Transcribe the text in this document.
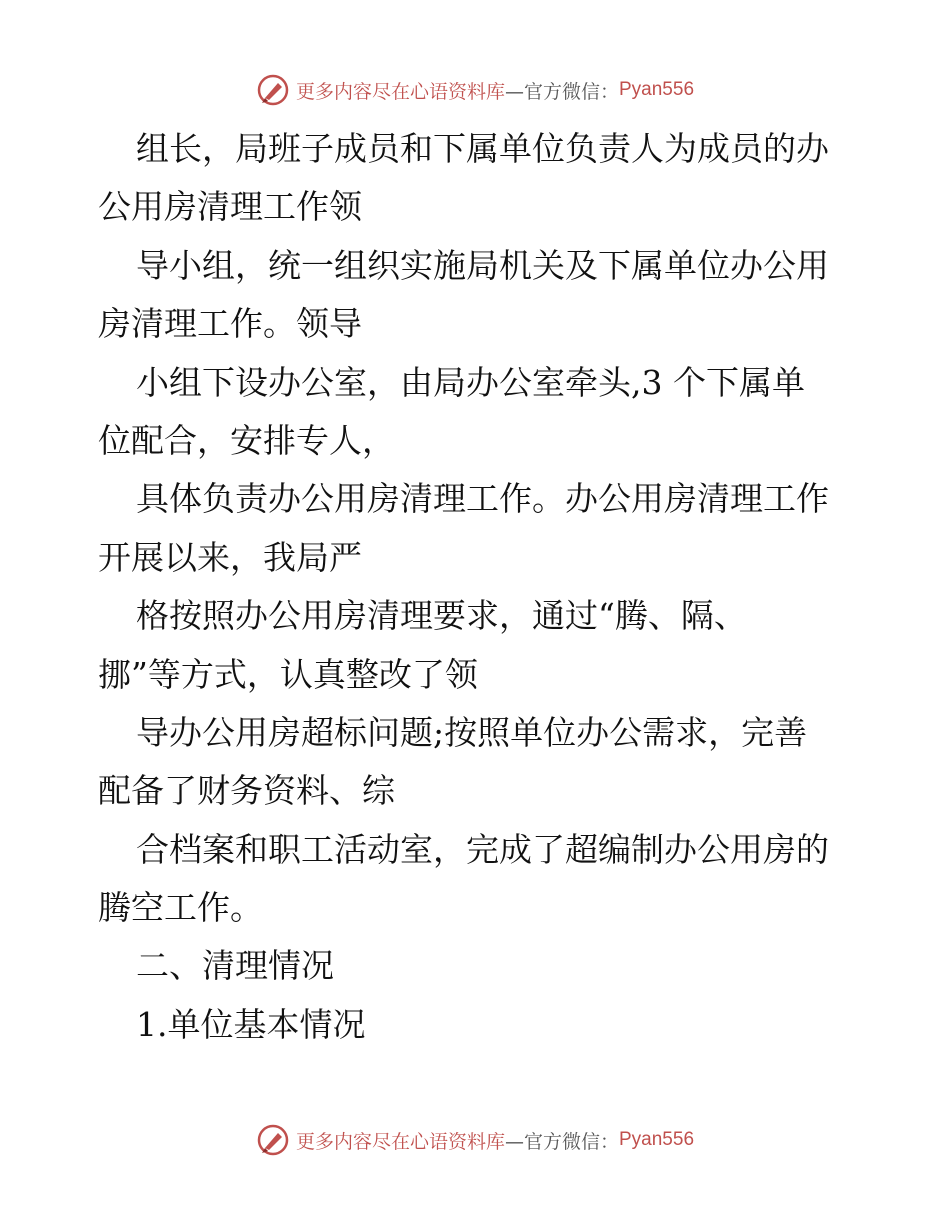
更多内容尽在心语资料库 —官方微信： Pyan556
组长，局班子成员和下属单位负责人为成员的办
公用房清理工作领
导小组，统一组织实施局机关及下属单位办公用
房清理工作。领导
小组下设办公室，由局办公室牵头,3 个下属单
位配合，安排专人，
具体负责办公用房清理工作。办公用房清理工作
开展以来，我局严
格按照办公用房清理要求，通过“腾、隔、
挪”等方式，认真整改了领
导办公用房超标问题;按照单位办公需求，完善
配备了财务资料、综
合档案和职工活动室，完成了超编制办公用房的
腾空工作。
二、清理情况
1.单位基本情况
更多内容尽在心语资料库 —官方微信： Pyan556
